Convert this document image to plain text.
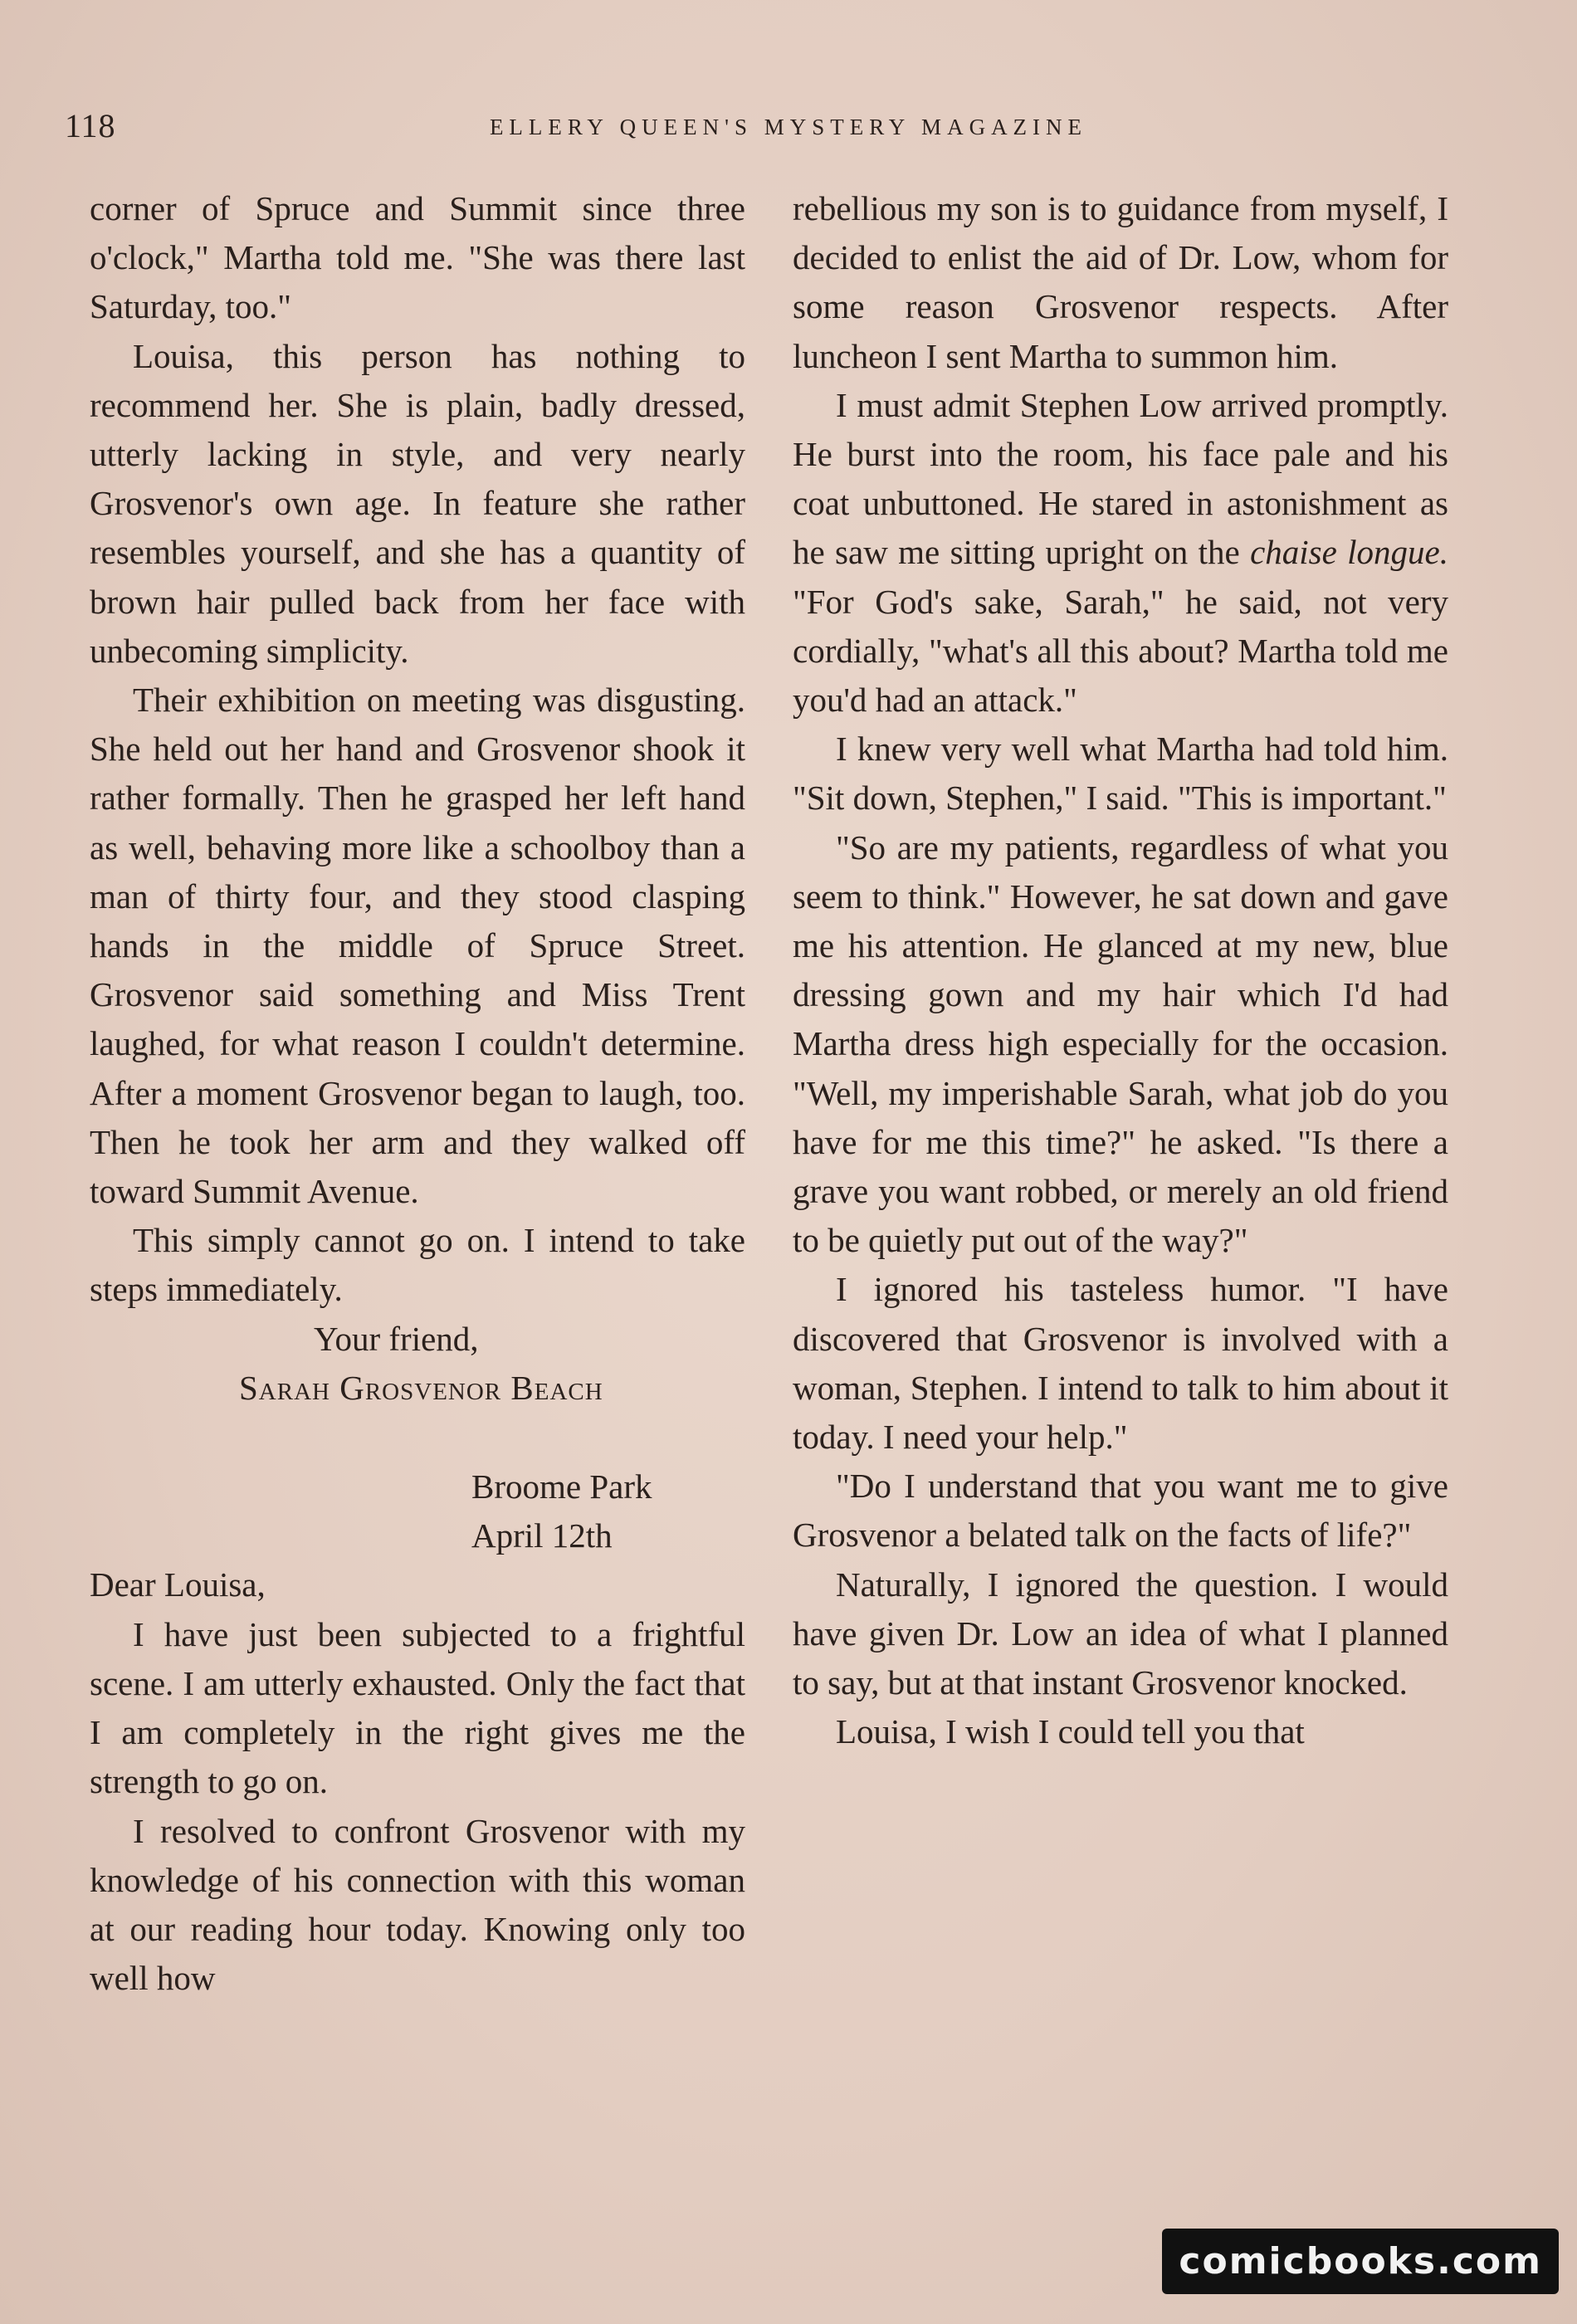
118	ELLERY QUEEN'S MYSTERY MAGAZINE

corner of Spruce and Summit since three o'clock," Martha told me. "She was there last Saturday, too."

Louisa, this person has nothing to recommend her. She is plain, badly dressed, utterly lacking in style, and very nearly Grosvenor's own age. In feature she rather resembles yourself, and she has a quantity of brown hair pulled back from her face with unbecoming simplicity.

Their exhibition on meeting was disgusting. She held out her hand and Grosvenor shook it rather formally. Then he grasped her left hand as well, behaving more like a schoolboy than a man of thirty four, and they stood clasping hands in the middle of Spruce Street. Grosvenor said something and Miss Trent laughed, for what reason I couldn't determine. After a moment Grosvenor began to laugh, too. Then he took her arm and they walked off toward Summit Avenue.

This simply cannot go on. I intend to take steps immediately.

Your friend,
Sarah Grosvenor Beach
Broome Park
April 12th
Dear Louisa,

I have just been subjected to a frightful scene. I am utterly exhausted. Only the fact that I am completely in the right gives me the strength to go on.

I resolved to confront Grosvenor with my knowledge of his connection with this woman at our reading hour today. Knowing only too well how

rebellious my son is to guidance from myself, I decided to enlist the aid of Dr. Low, whom for some reason Grosvenor respects. After luncheon I sent Martha to summon him.

I must admit Stephen Low arrived promptly. He burst into the room, his face pale and his coat unbuttoned. He stared in astonishment as he saw me sitting upright on the chaise longue. "For God's sake, Sarah," he said, not very cordially, "what's all this about? Martha told me you'd had an attack."

I knew very well what Martha had told him. "Sit down, Stephen," I said. "This is important."

"So are my patients, regardless of what you seem to think." However, he sat down and gave me his attention. He glanced at my new, blue dressing gown and my hair which I'd had Martha dress high especially for the occasion. "Well, my imperishable Sarah, what job do you have for me this time?" he asked. "Is there a grave you want robbed, or merely an old friend to be quietly put out of the way?"

I ignored his tasteless humor. "I have discovered that Grosvenor is involved with a woman, Stephen. I intend to talk to him about it today. I need your help."

"Do I understand that you want me to give Grosvenor a belated talk on the facts of life?"

Naturally, I ignored the question. I would have given Dr. Low an idea of what I planned to say, but at that instant Grosvenor knocked.

Louisa, I wish I could tell you that

comicbooks.com
